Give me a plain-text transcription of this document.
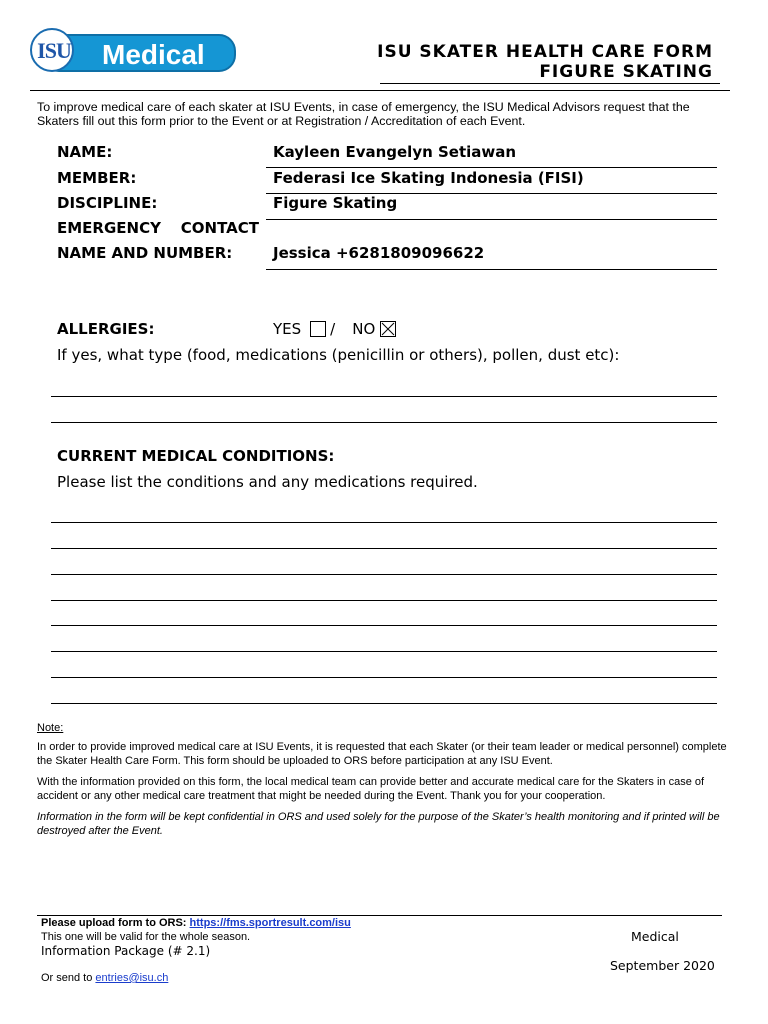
Medical
ISU	ISU SKATER HEALTH CARE FORM
FIGURE SKATING
To improve medical care of each skater at ISU Events, in case of emergency, the ISU Medical Advisors request that the Skaters fill out this form prior to the Event or at Registration / Accreditation of each Event.
NAME:	Kayleen Evangelyn Setiawan
MEMBER:	Federasi Ice Skating Indonesia (FISI)
DISCIPLINE:	Figure Skating
EMERGENCY CONTACT
NAME AND NUMBER:	Jessica +6281809096622
ALLERGIES:	YES / NO
If yes, what type (food, medications (penicillin or others), pollen, dust etc):
CURRENT MEDICAL CONDITIONS:
Please list the conditions and any medications required.
Note:
In order to provide improved medical care at ISU Events, it is requested that each Skater (or their team leader or medical personnel) complete the Skater Health Care Form. This form should be uploaded to ORS before participation at any ISU Event.
With the information provided on this form, the local medical team can provide better and accurate medical care for the Skaters in case of accident or any other medical care treatment that might be needed during the Event. Thank you for your cooperation.
Information in the form will be kept confidential in ORS and used solely for the purpose of the Skater’s health monitoring and if printed will be destroyed after the Event.
Please upload form to ORS: https://fms.sportresult.com/isu
This one will be valid for the whole season.
Information Package (# 2.1)
Or send to entries@isu.ch
Medical
September 2020
